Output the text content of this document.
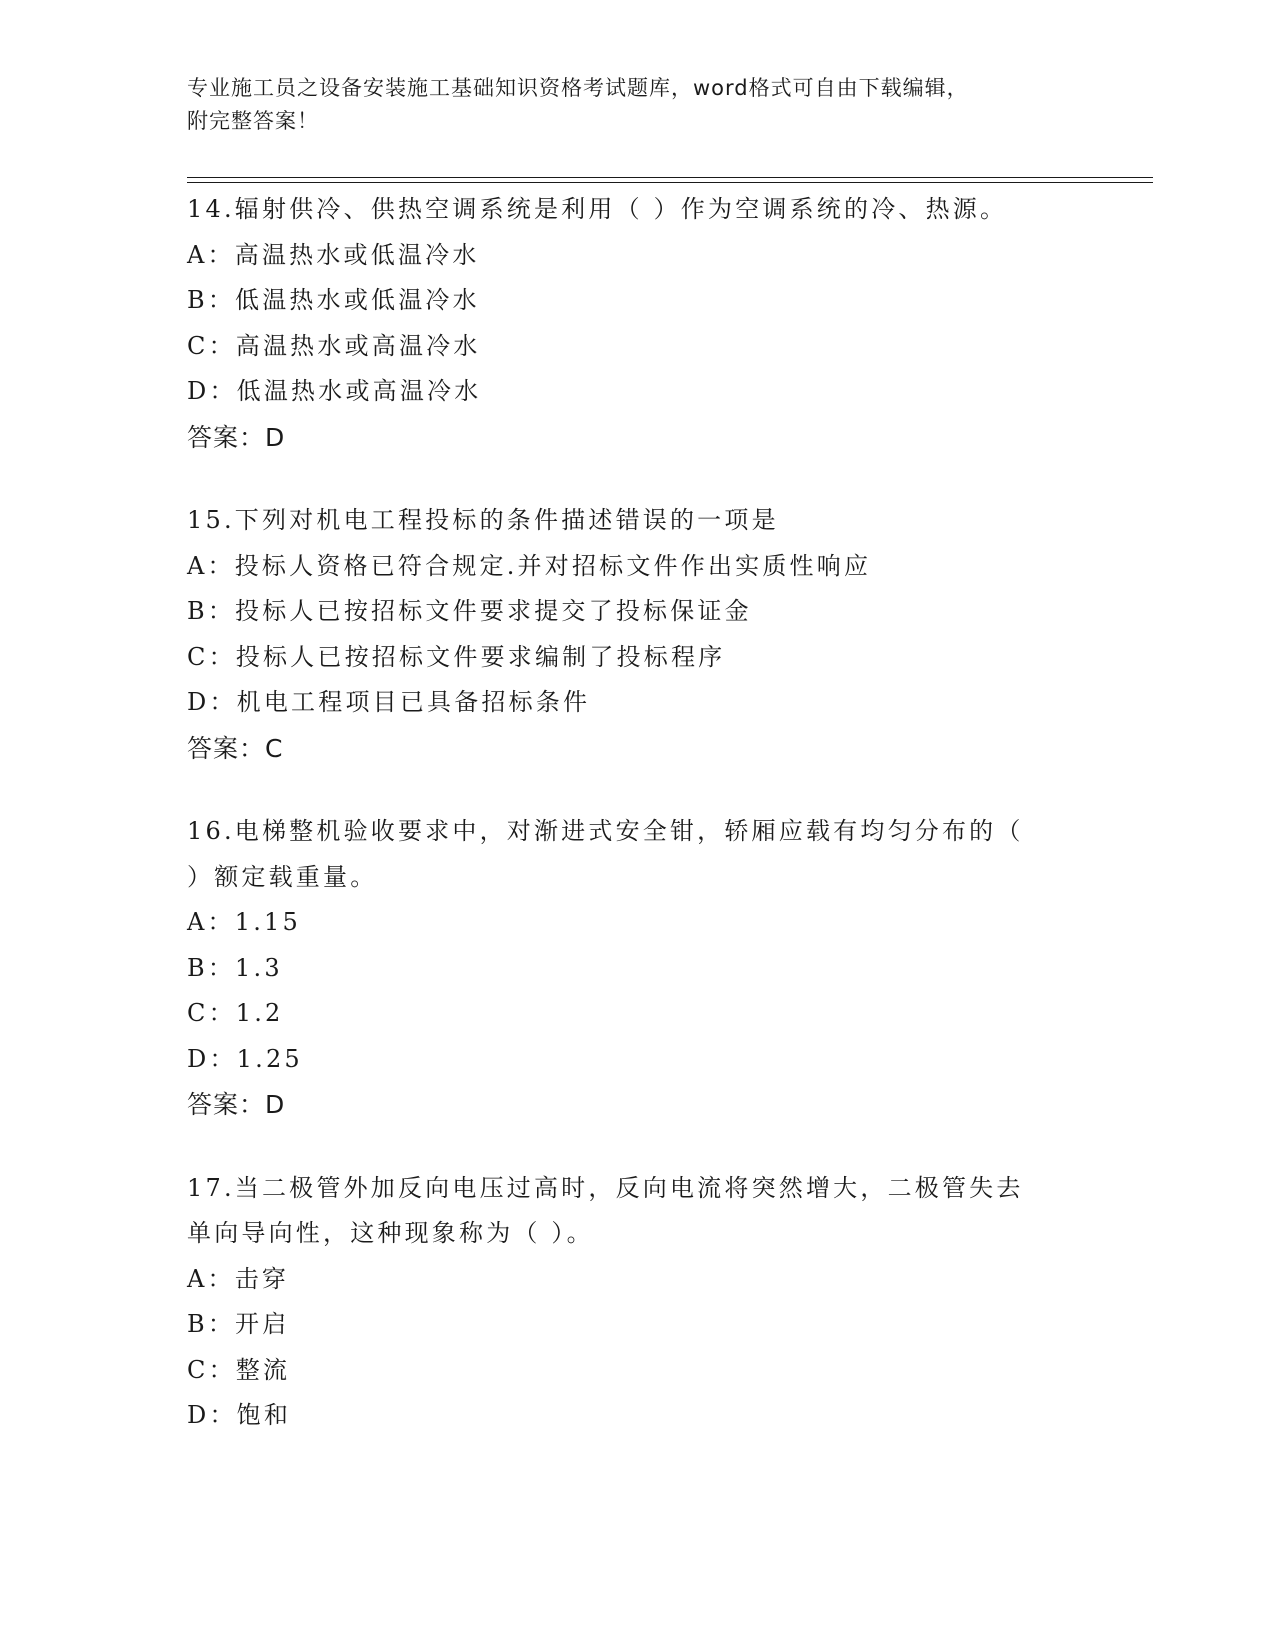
专业施工员之设备安装施工基础知识资格考试题库，word格式可自由下载编辑，
附完整答案！
14.辐射供冷、供热空调系统是利用（ ）作为空调系统的冷、热源。
A：高温热水或低温冷水
B：低温热水或低温冷水
C：高温热水或高温冷水
D：低温热水或高温冷水
答案：D
15.下列对机电工程投标的条件描述错误的一项是
A：投标人资格已符合规定.并对招标文件作出实质性响应
B：投标人已按招标文件要求提交了投标保证金
C：投标人已按招标文件要求编制了投标程序
D：机电工程项目已具备招标条件
答案：C
16.电梯整机验收要求中，对渐进式安全钳，轿厢应载有均匀分布的（
）额定载重量。
A：1.15
B：1.3
C：1.2
D：1.25
答案：D
17.当二极管外加反向电压过高时，反向电流将突然增大，二极管失去
单向导向性，这种现象称为（ ）。
A：击穿
B：开启
C：整流
D：饱和
